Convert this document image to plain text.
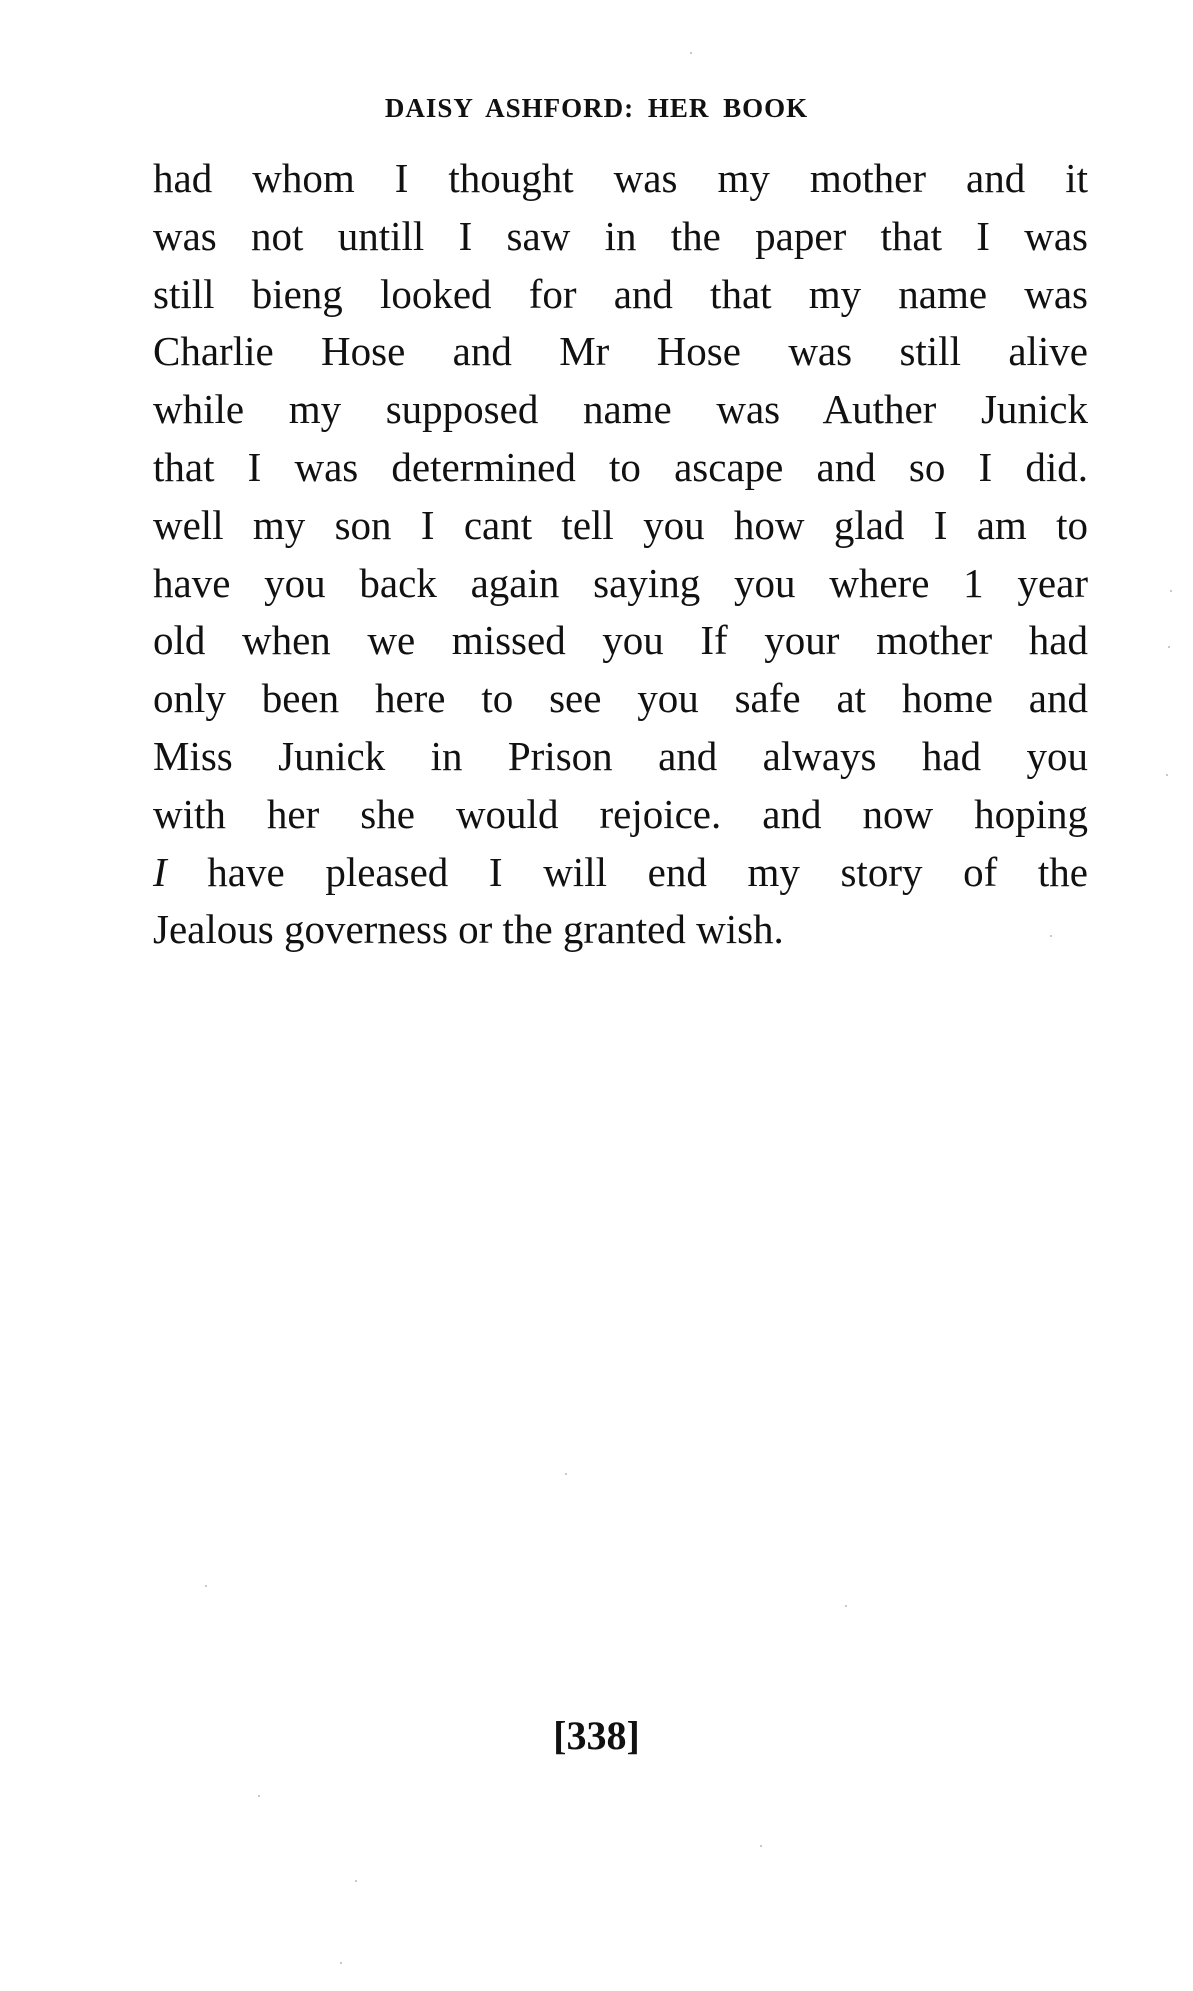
DAISY ASHFORD: HER BOOK
had whom I thought was my mother and it
was not untill I saw in the paper that I was
still bieng looked for and that my name was
Charlie Hose and Mr Hose was still alive
while my supposed name was Auther Junick
that I was determined to ascape and so I did.
well my son I cant tell you how glad I am to
have you back again saying you where 1 year
old when we missed you If your mother had
only been here to see you safe at home and
Miss Junick in Prison and always had you
with her she would rejoice. and now hoping
I have pleased I will end my story of the
Jealous governess or the granted wish.
[338]
